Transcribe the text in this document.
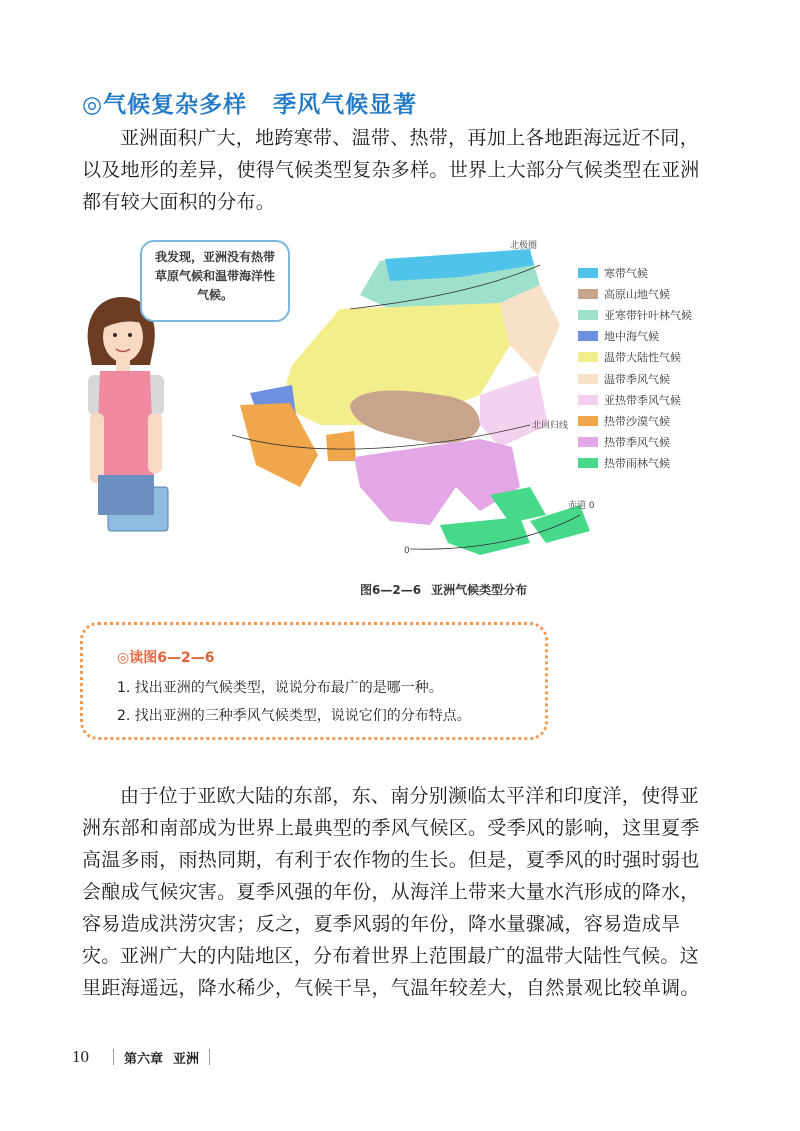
◎气候复杂多样 季风气候显著

亚洲面积广大，地跨寒带、温带、热带，再加上各地距海远近不同，以及地形的差异，使得气候类型复杂多样。世界上大部分气候类型在亚洲都有较大面积的分布。

我发现，亚洲没有热带草原气候和温带海洋性气候。
北极圈
北回归线
赤道 0
0
寒带气候
高原山地气候
亚寒带针叶林气候
地中海气候
温带大陆性气候
温带季风气候
亚热带季风气候
热带沙漠气候
热带季风气候
热带雨林气候
图6—2—6 亚洲气候类型分布
◎读图6—2—6
1. 找出亚洲的气候类型，说说分布最广的是哪一种。
2. 找出亚洲的三种季风气候类型，说说它们的分布特点。

由于位于亚欧大陆的东部，东、南分别濒临太平洋和印度洋，使得亚洲东部和南部成为世界上最典型的季风气候区。受季风的影响，这里夏季高温多雨，雨热同期，有利于农作物的生长。但是，夏季风的时强时弱也会酿成气候灾害。夏季风强的年份，从海洋上带来大量水汽形成的降水，容易造成洪涝灾害；反之，夏季风弱的年份，降水量骤减，容易造成旱灾。 亚洲广大的内陆地区，分布着世界上范围最广的温带大陆性气候。这里距海遥远，降水稀少，气候干旱，气温年较差大，自然景观比较单调。

10	第六章 亚洲
